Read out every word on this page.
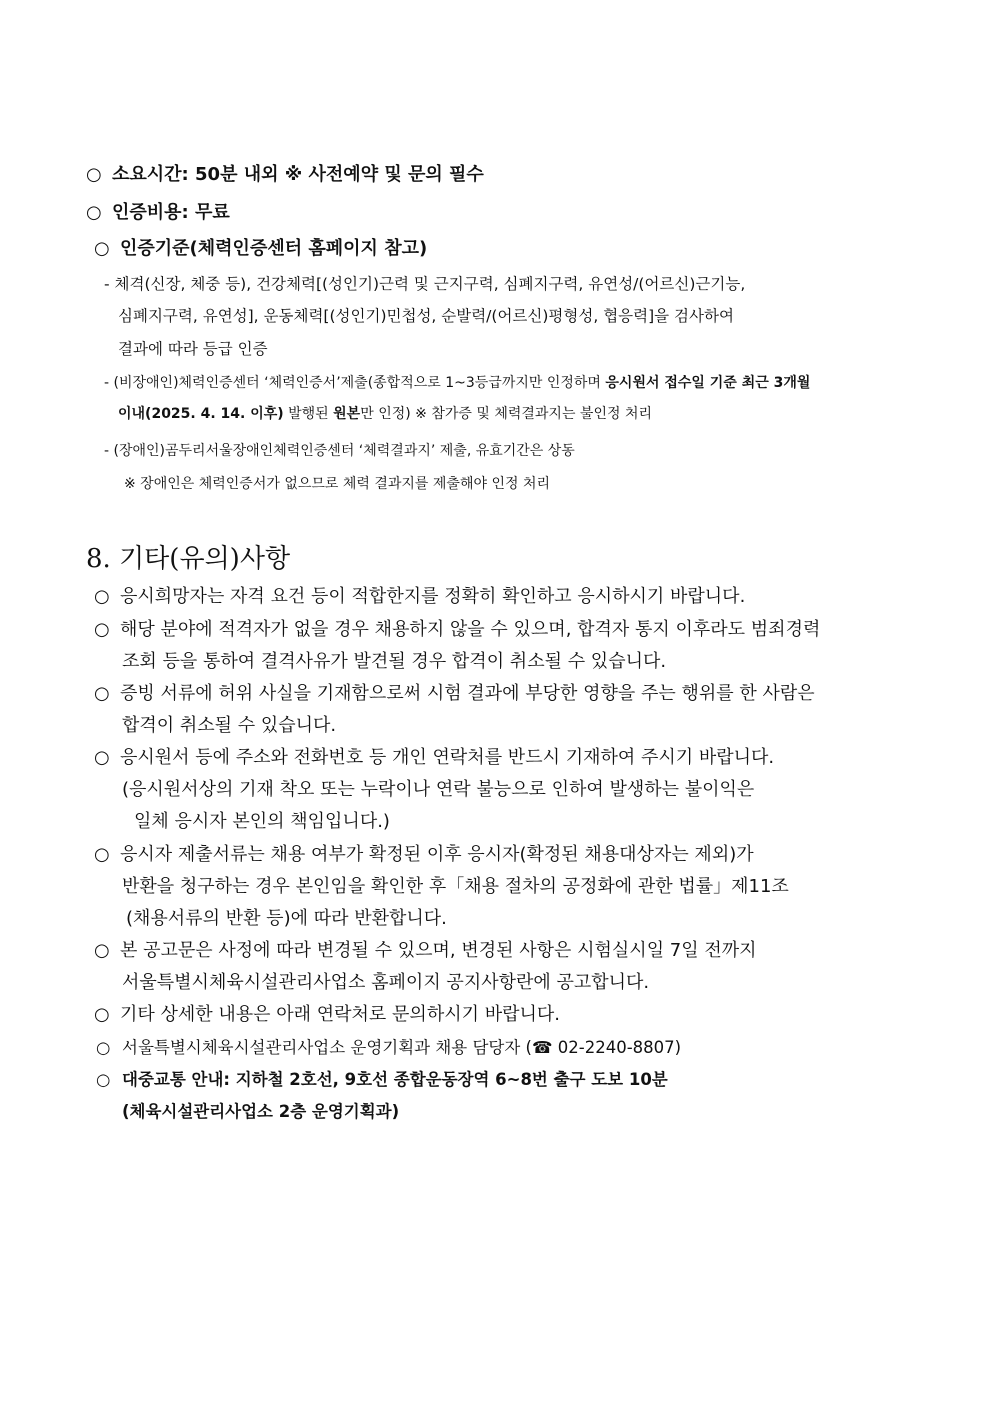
○ 소요시간: 50분 내외 ※ 사전예약 및 문의 필수
○ 인증비용: 무료
○ 인증기준(체력인증센터 홈페이지 참고)
- 체격(신장, 체중 등), 건강체력[(성인기)근력 및 근지구력, 심폐지구력, 유연성/(어르신)근기능,
심폐지구력, 유연성], 운동체력[(성인기)민첩성, 순발력/(어르신)평형성, 협응력]을 검사하여
결과에 따라 등급 인증
- (비장애인)체력인증센터 ‘체력인증서’제출(종합적으로 1~3등급까지만 인정하며 응시원서 접수일 기준 최근 3개월
이내(2025. 4. 14. 이후) 발행된 원본만 인정) ※ 참가증 및 체력결과지는 불인정 처리
- (장애인)곰두리서울장애인체력인증센터 ‘체력결과지’ 제출, 유효기간은 상동
※ 장애인은 체력인증서가 없으므로 체력 결과지를 제출해야 인정 처리
8. 기타(유의)사항
○ 응시희망자는 자격 요건 등이 적합한지를 정확히 확인하고 응시하시기 바랍니다.
○ 해당 분야에 적격자가 없을 경우 채용하지 않을 수 있으며, 합격자 통지 이후라도 범죄경력
조회 등을 통하여 결격사유가 발견될 경우 합격이 취소될 수 있습니다.
○ 증빙 서류에 허위 사실을 기재함으로써 시험 결과에 부당한 영향을 주는 행위를 한 사람은
합격이 취소될 수 있습니다.
○ 응시원서 등에 주소와 전화번호 등 개인 연락처를 반드시 기재하여 주시기 바랍니다.
(응시원서상의 기재 착오 또는 누락이나 연락 불능으로 인하여 발생하는 불이익은
일체 응시자 본인의 책임입니다.)
○ 응시자 제출서류는 채용 여부가 확정된 이후 응시자(확정된 채용대상자는 제외)가
반환을 청구하는 경우 본인임을 확인한 후「채용 절차의 공정화에 관한 법률」제11조
(채용서류의 반환 등)에 따라 반환합니다.
○ 본 공고문은 사정에 따라 변경될 수 있으며, 변경된 사항은 시험실시일 7일 전까지
서울특별시체육시설관리사업소 홈페이지 공지사항란에 공고합니다.
○ 기타 상세한 내용은 아래 연락처로 문의하시기 바랍니다.
○ 서울특별시체육시설관리사업소 운영기획과 채용 담당자 (☎ 02-2240-8807)
○ 대중교통 안내: 지하철 2호선, 9호선 종합운동장역 6~8번 출구 도보 10분
(체육시설관리사업소 2층 운영기획과)
